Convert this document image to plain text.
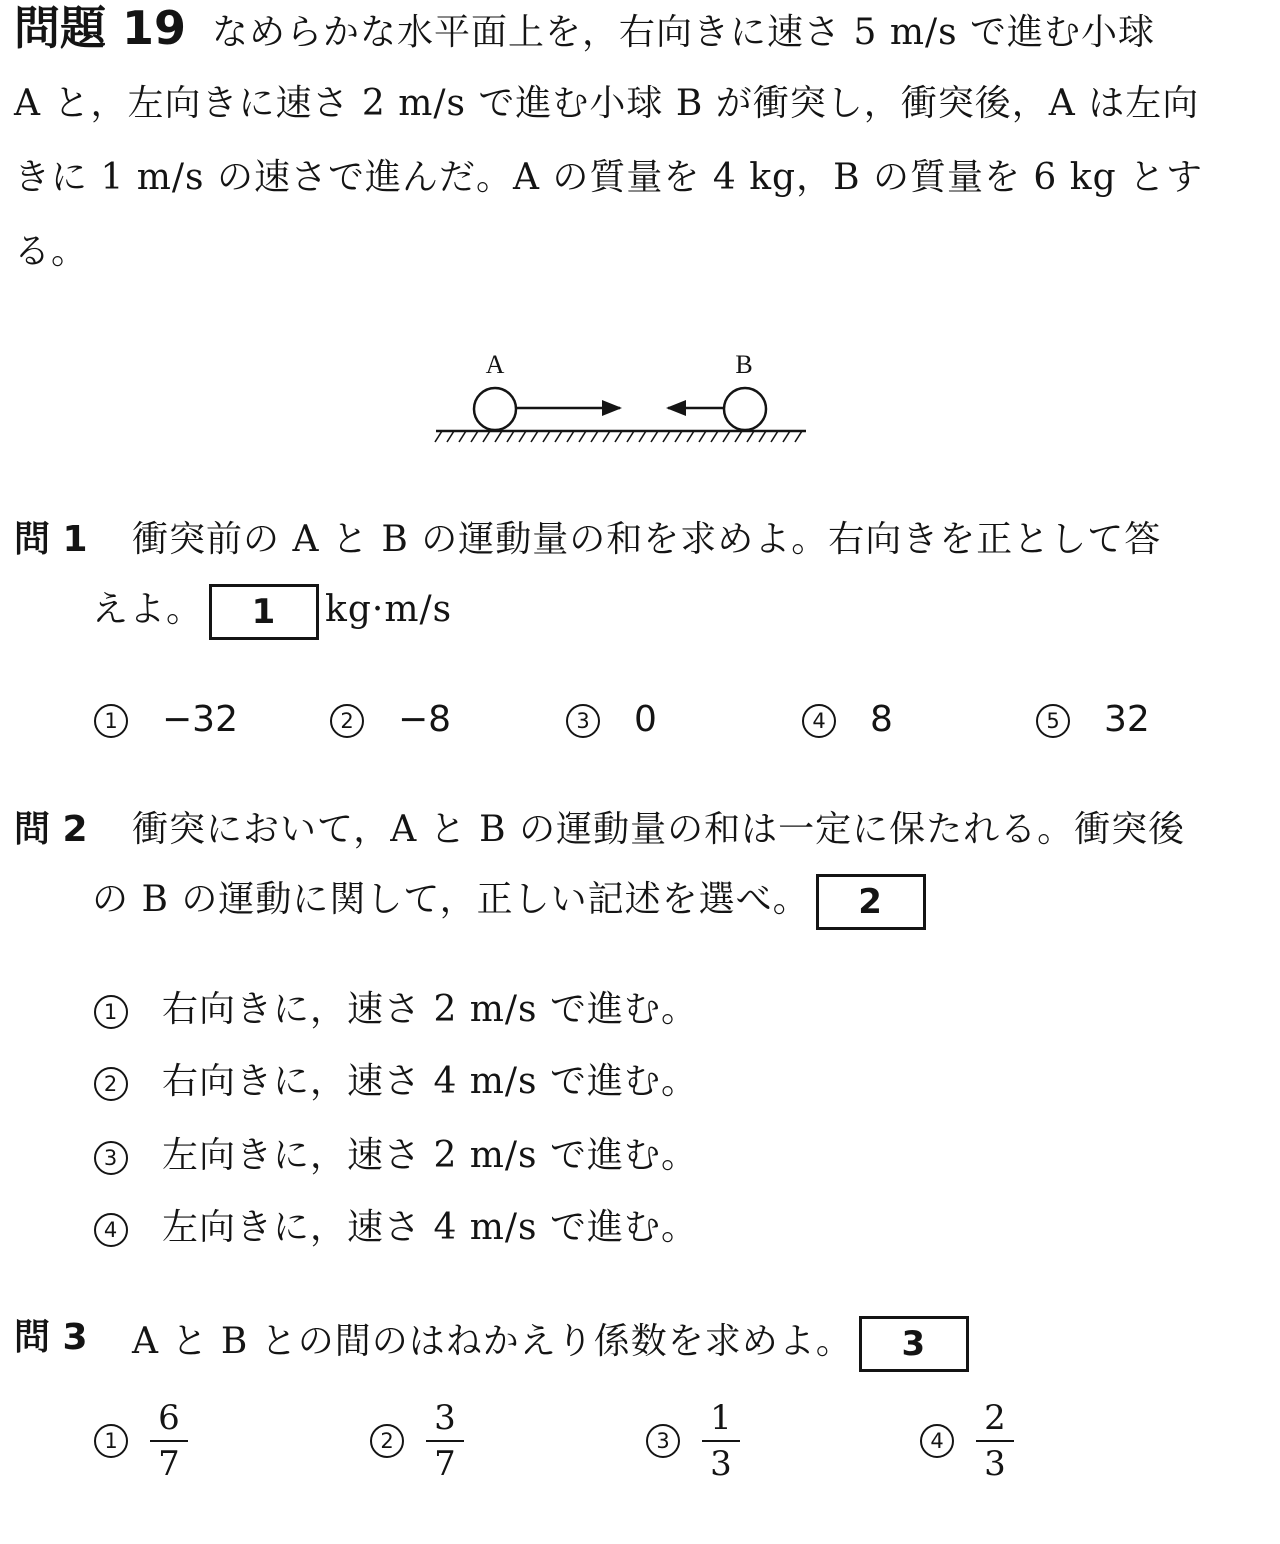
問題 19 なめらかな水平面上を，右向きに速さ 5 m/s で進む小球
A と，左向きに速さ 2 m/s で進む小球 B が衝突し，衝突後，A は左向
きに 1 m/s の速さで進んだ。A の質量を 4 kg，B の質量を 6 kg とす
る。
A	B
問 1 衝突前の A と B の運動量の和を求めよ。右向きを正として答
えよ。 1 kg·m/s
1 −32	2 −8	3 0	4 8	5 32
問 2 衝突において，A と B の運動量の和は一定に保たれる。衝突後
の B の運動に関して，正しい記述を選べ。 2
1 右向きに，速さ 2 m/s で進む。
2 右向きに，速さ 4 m/s で進む。
3 左向きに，速さ 2 m/s で進む。
4 左向きに，速さ 4 m/s で進む。
問 3 A と B との間のはねかえり係数を求めよ。 3
$1 \frac{6}{7}$	$2 \frac{3}{7}$	$3 \frac{1}{3}$	$4 \frac{2}{3}$
